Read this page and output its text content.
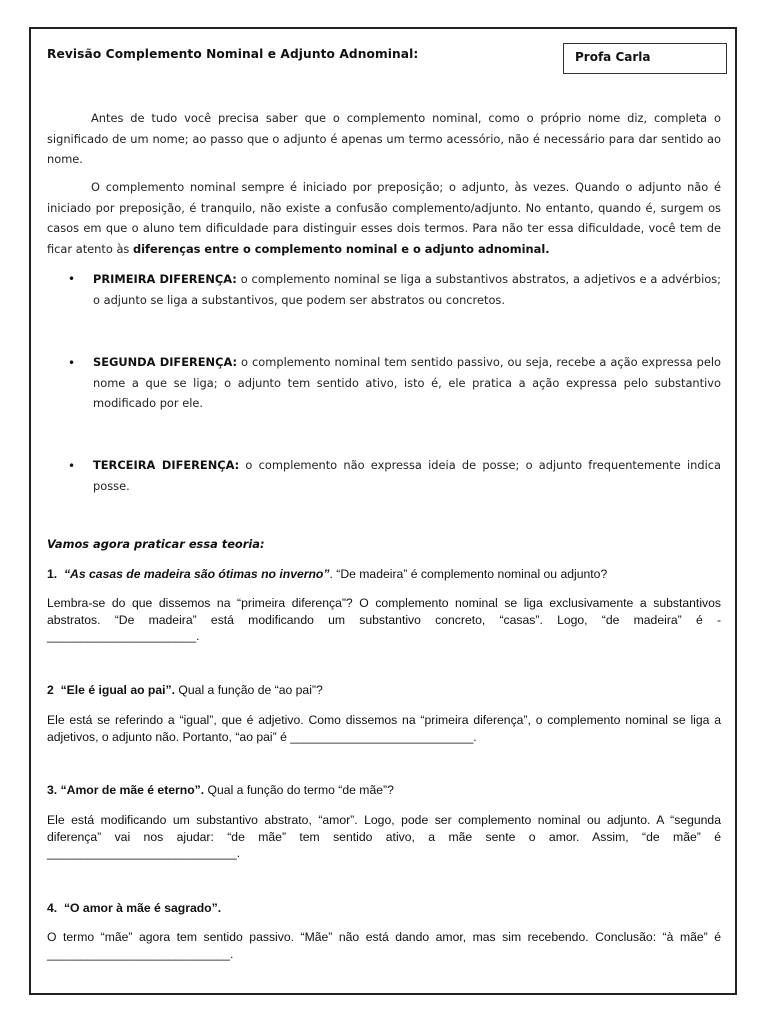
Revisão Complemento Nominal e Adjunto Adnominal:	Profa Carla
Antes de tudo você precisa saber que o complemento nominal, como o próprio nome diz, completa o significado de um nome; ao passo que o adjunto é apenas um termo acessório, não é necessário para dar sentido ao nome.
O complemento nominal sempre é iniciado por preposição; o adjunto, às vezes. Quando o adjunto não é iniciado por preposição, é tranquilo, não existe a confusão complemento/adjunto. No entanto, quando é, surgem os casos em que o aluno tem dificuldade para distinguir esses dois termos. Para não ter essa dificuldade, você tem de ficar atento às diferenças entre o complemento nominal e o adjunto adnominal.
• PRIMEIRA DIFERENÇA: o complemento nominal se liga a substantivos abstratos, a adjetivos e a advérbios; o adjunto se liga a substantivos, que podem ser abstratos ou concretos.
• SEGUNDA DIFERENÇA: o complemento nominal tem sentido passivo, ou seja, recebe a ação expressa pelo nome a que se liga; o adjunto tem sentido ativo, isto é, ele pratica a ação expressa pelo substantivo modificado por ele.
• TERCEIRA DIFERENÇA: o complemento não expressa ideia de posse; o adjunto frequentemente indica posse.
Vamos agora praticar essa teoria:
1. “As casas de madeira são ótimas no inverno”. “De madeira” é complemento nominal ou adjunto?
Lembra-se do que dissemos na “primeira diferença”? O complemento nominal se liga exclusivamente a substantivos abstratos. “De madeira” está modificando um substantivo concreto, “casas”. Logo, “de madeira” é - ______________________.
2 “Ele é igual ao pai”. Qual a função de “ao pai”?
Ele está se referindo a “igual”, que é adjetivo. Como dissemos na “primeira diferença”, o complemento nominal se liga a adjetivos, o adjunto não. Portanto, “ao pai” é ___________________________.
3. “Amor de mãe é eterno”. Qual a função do termo “de mãe”?
Ele está modificando um substantivo abstrato, “amor”. Logo, pode ser complemento nominal ou adjunto. A “segunda diferença” vai nos ajudar: “de mãe” tem sentido ativo, a mãe sente o amor. Assim, “de mãe” é ____________________________.
4. “O amor à mãe é sagrado”.
O termo “mãe” agora tem sentido passivo. “Mãe” não está dando amor, mas sim recebendo. Conclusão: “à mãe” é ___________________________.
